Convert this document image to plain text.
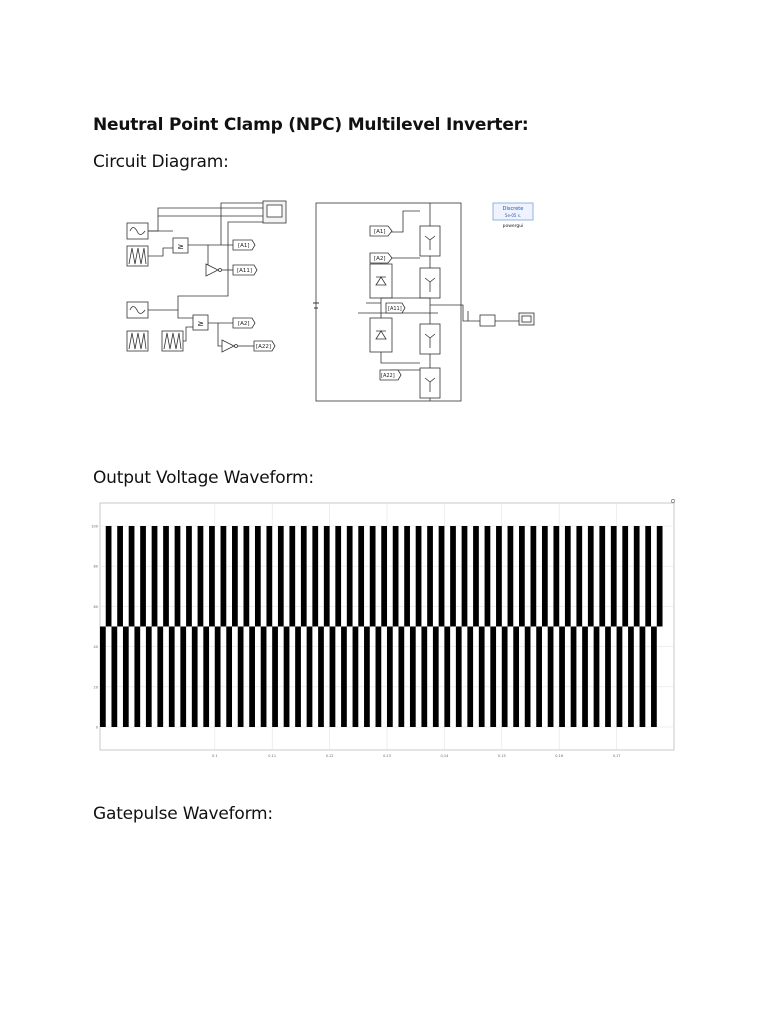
Neutral Point Clamp (NPC) Multilevel Inverter:
Circuit Diagram:
Output Voltage Waveform:
Gatepulse Waveform:
≥
≥
[A1]
[A11]
[A2]
[A22]
[A1]
[A2]
[A11]
[A22]
Discrete
5e-05 s.
powergui
0
20
40
60
80
100
0.1	0.11	0.12	0.13	0.14	0.15	0.16	0.17
